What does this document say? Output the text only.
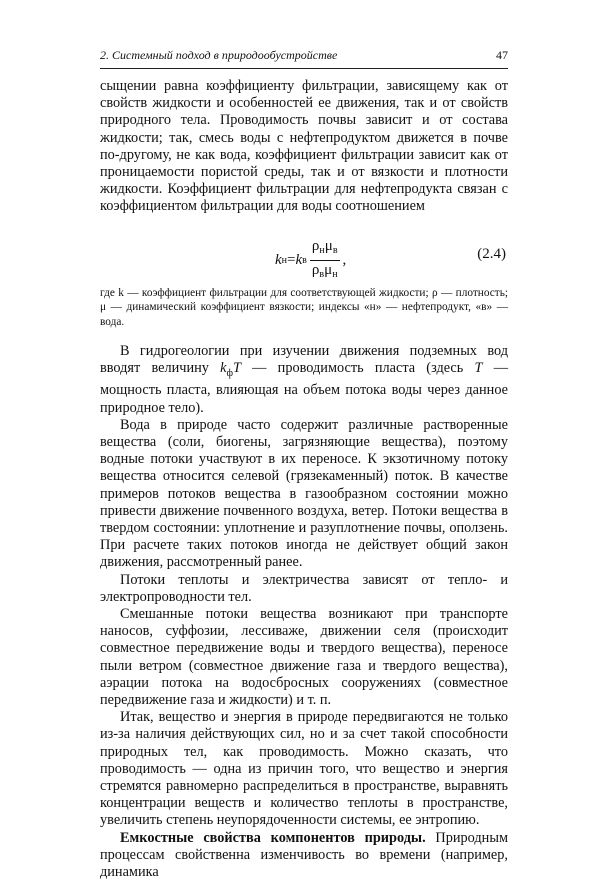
2. Системный подход в природообустройстве	47

сыщении равна коэффициенту фильтрации, зависящему как от свойств жидкости и особенностей ее движения, так и от свойств природного тела. Проводимость почвы зависит и от состава жидкости; так, смесь воды с нефтепродуктом движется в почве по-другому, не как вода, коэффициент фильтрации зависит как от проницаемости пористой среды, так и от вязкости и плотности жидкости. Коэффициент фильтрации для нефтепродукта связан с коэффициентом фильтрации для воды соотношением

k н = k в $\frac{\rho_н\mu_в}{\rho_в\mu_н}$ ,	(2.4)

где k — коэффициент фильтрации для соответствующей жидкости; ρ — плотность; μ — динамический коэффициент вязкости; индексы «н» — нефтепродукт, «в» — вода.

В гидрогеологии при изучении движения подземных вод вводят величину $k_фT$ — проводимость пласта (здесь T — мощность пласта, влияющая на объем потока воды через данное природное тело).

Вода в природе часто содержит различные растворенные вещества (соли, биогены, загрязняющие вещества), поэтому водные потоки участвуют в их переносе. К экзотичному потоку вещества относится селевой (грязекаменный) поток. В качестве примеров потоков вещества в газообразном состоянии можно привести движение почвенного воздуха, ветер. Потоки вещества в твердом состоянии: уплотнение и разуплотнение почвы, оползень. При расчете таких потоков иногда не действует общий закон движения, рассмотренный ранее.

Потоки теплоты и электричества зависят от тепло- и электропроводности тел.

Смешанные потоки вещества возникают при транспорте наносов, суффозии, лессиваже, движении селя (происходит совместное передвижение воды и твердого вещества), переносе пыли ветром (совместное движение газа и твердого вещества), аэрации потока на водосбросных сооружениях (совместное передвижение газа и жидкости) и т. п.

Итак, вещество и энергия в природе передвигаются не только из-за наличия действующих сил, но и за счет такой способности природных тел, как проводимость. Можно сказать, что проводимость — одна из причин того, что вещество и энергия стремятся равномерно распределиться в пространстве, выравнять концентрации веществ и количество теплоты в пространстве, увеличить степень неупорядоченности системы, ее энтропию.

Емкостные свойства компонентов природы. Природным процессам свойственна изменчивость во времени (например, динамика
